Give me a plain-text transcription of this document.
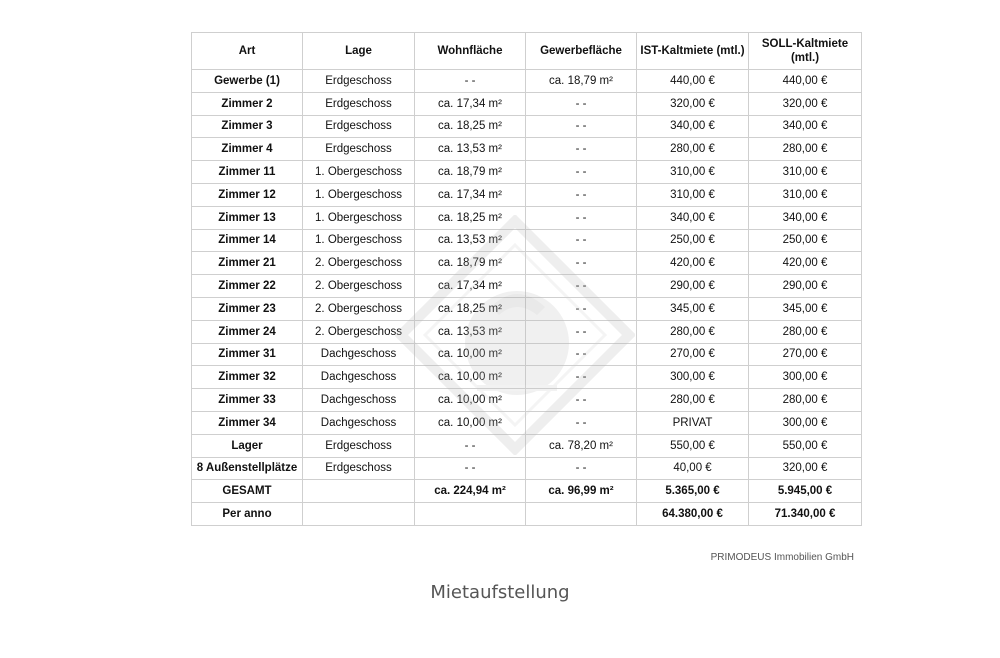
Art	Lage	Wohnfläche	Gewerbefläche	IST-Kaltmiete (mtl.)	SOLL-Kaltmiete (mtl.)
Gewerbe (1)	Erdgeschoss	- -	ca. 18,79 m²	440,00 €	440,00 €
Zimmer 2	Erdgeschoss	ca. 17,34 m²	- -	320,00 €	320,00 €
Zimmer 3	Erdgeschoss	ca. 18,25 m²	- -	340,00 €	340,00 €
Zimmer 4	Erdgeschoss	ca. 13,53 m²	- -	280,00 €	280,00 €
Zimmer 11	1. Obergeschoss	ca. 18,79 m²	- -	310,00 €	310,00 €
Zimmer 12	1. Obergeschoss	ca. 17,34 m²	- -	310,00 €	310,00 €
Zimmer 13	1. Obergeschoss	ca. 18,25 m²	- -	340,00 €	340,00 €
Zimmer 14	1. Obergeschoss	ca. 13,53 m²	- -	250,00 €	250,00 €
Zimmer 21	2. Obergeschoss	ca. 18,79 m²	- -	420,00 €	420,00 €
Zimmer 22	2. Obergeschoss	ca. 17,34 m²	- -	290,00 €	290,00 €
Zimmer 23	2. Obergeschoss	ca. 18,25 m²	- -	345,00 €	345,00 €
Zimmer 24	2. Obergeschoss	ca. 13,53 m²	- -	280,00 €	280,00 €
Zimmer 31	Dachgeschoss	ca. 10,00 m²	- -	270,00 €	270,00 €
Zimmer 32	Dachgeschoss	ca. 10,00 m²	- -	300,00 €	300,00 €
Zimmer 33	Dachgeschoss	ca. 10,00 m²	- -	280,00 €	280,00 €
Zimmer 34	Dachgeschoss	ca. 10,00 m²	- -	PRIVAT	300,00 €
Lager	Erdgeschoss	- -	ca. 78,20 m²	550,00 €	550,00 €
8 Außenstellplätze	Erdgeschoss	- -	- -	40,00 €	320,00 €
GESAMT		ca. 224,94 m²	ca. 96,99 m²	5.365,00 €	5.945,00 €
Per anno				64.380,00 €	71.340,00 €
PRIMODEUS Immobilien GmbH
Mietaufstellung
